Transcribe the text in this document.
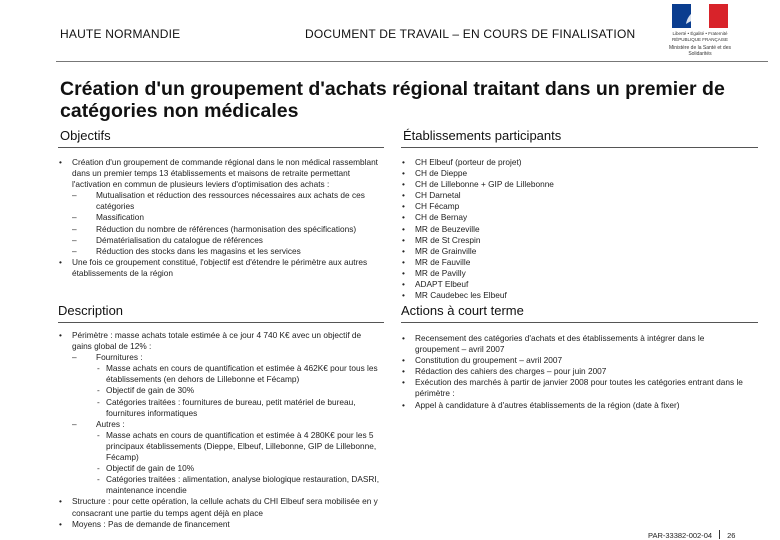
HAUTE NORMANDIE	DOCUMENT DE TRAVAIL – EN COURS DE FINALISATION	Liberté • Égalité • Fraternité
RÉPUBLIQUE FRANÇAISE
Ministère de la Santé et des Solidarités
Création d'un groupement d'achats régional traitant dans un premier de catégories non médicales
Objectifs
• Création d'un groupement de commande régional dans le non médical rassemblant dans un premier temps 13 établissements et maisons de retraite permettant l'activation en commun de plusieurs leviers d'optimisation des achats :
– Mutualisation et réduction des ressources nécessaires aux achats de ces catégories
– Massification
– Réduction du nombre de références (harmonisation des spécifications)
– Dématérialisation du catalogue de références
– Réduction des stocks dans les magasins et les services
• Une fois ce groupement constitué, l'objectif est d'étendre le périmètre aux autres établissements de la région
Établissements participants
• CH Elbeuf (porteur de projet)
• CH de Dieppe
• CH de Lillebonne + GIP de Lillebonne
• CH Darnetal
• CH Fécamp
• CH de Bernay
• MR de Beuzeville
• MR de St Crespin
• MR de Grainville
• MR de Fauville
• MR de Pavilly
• ADAPT Elbeuf
• MR Caudebec les Elbeuf
Description
• Périmètre : masse achats totale estimée à ce jour 4 740 K€ avec un objectif de gains global de 12% :
– Fournitures :
- Masse achats en cours de quantification et estimée à 462K€ pour tous les établissements (en dehors de Lillebonne et Fécamp)
- Objectif de gain de 30%
- Catégories traitées : fournitures de bureau, petit matériel de bureau, fournitures informatiques
– Autres :
- Masse achats en cours de quantification et estimée à 4 280K€ pour les 5 principaux établissements (Dieppe, Elbeuf, Lillebonne, GIP de Lillebonne, Fécamp)
- Objectif de gain de 10%
- Catégories traitées : alimentation, analyse biologique restauration, DASRI, maintenance incendie
• Structure : pour cette opération, la cellule achats du CHI Elbeuf sera mobilisée en y consacrant une partie du temps agent déjà en place
• Moyens : Pas de demande de financement
Actions à court terme
• Recensement des catégories d'achats et des établissements à intégrer dans le groupement – avril 2007
• Constitution du groupement – avril 2007
• Rédaction des cahiers des charges – pour juin 2007
• Exécution des marchés à partir de janvier 2008 pour toutes les catégories entrant dans le périmètre :
• Appel à candidature à d'autres établissements de la région (date à fixer)
PAR-33382-002-04 26
